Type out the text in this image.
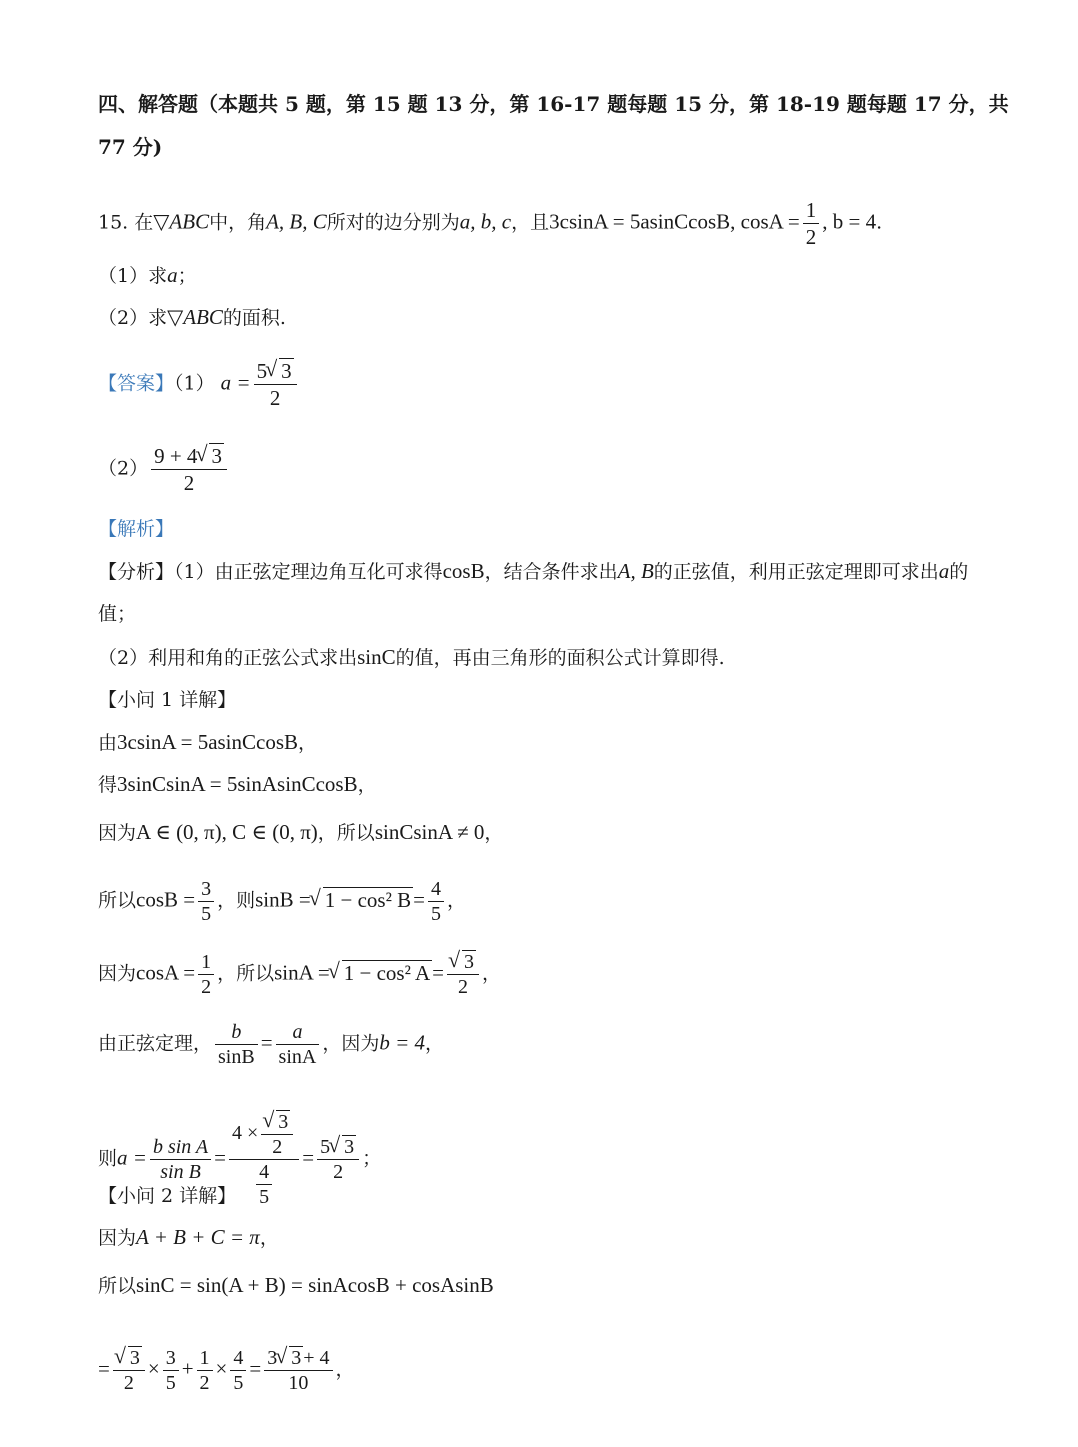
四、解答题（本题共 5 题，第 15 题 13 分，第 16-17 题每题 15 分，第 18-19 题每题 17 分，共
77 分)
15. 在▽ABC中，角A, B, C所对的边分别为a, b, c，且3csinA = 5asinCcosB, $\cos A = \frac{1}{2}$ , b = 4.
（1）求a；
（2）求▽ABC的面积.
【答案】（1） $a = \frac{5√ 3}{2}$
$(2) \frac{9 + 4√ 3}{2}$
【解析】
【分析】（1）由正弦定理边角互化可求得cosB，结合条件求出A, B的正弦值，利用正弦定理即可求出a的
值；
（2）利用和角的正弦公式求出sinC的值，再由三角形的面积公式计算即得.
【小问 1 详解】
由3csinA = 5asinCcosB，
得3sinCsinA = 5sinAsinCcosB，
因为A ∈ (0, π), C ∈ (0, π)，所以sinCsinA ≠ 0，
所以$\cos B = \frac{3}{5}$ ，则sinB =√ 1 − cos² $B= \frac{4}{5}$ ，
因为$\cos A = \frac{1}{2}$ ，所以sinA =√ 1 − cos² A=
√ $\frac{3}{2}$ ，
由正弦定理， $\frac{b}{\sin B} = \frac{a}{\sin A}$ ，因为b = 4，
则$a = \frac{\text{b sin A}}{\text{sin B}} = 4$ ×
√ $\frac{3}{2}$
$\frac{4}{5} = \frac{5√ 3}{2}$ ；
【小问 2 详解】
因为A + B + C = π，
所以sinC = sin(A + B) = sinAcosB + cosAsinB
=
√ $\frac{3}{2} \times \frac{3}{5} + \frac{1}{2} \times \frac{4}{5} = \frac{3√ 3 + 4}{10}$ ，
